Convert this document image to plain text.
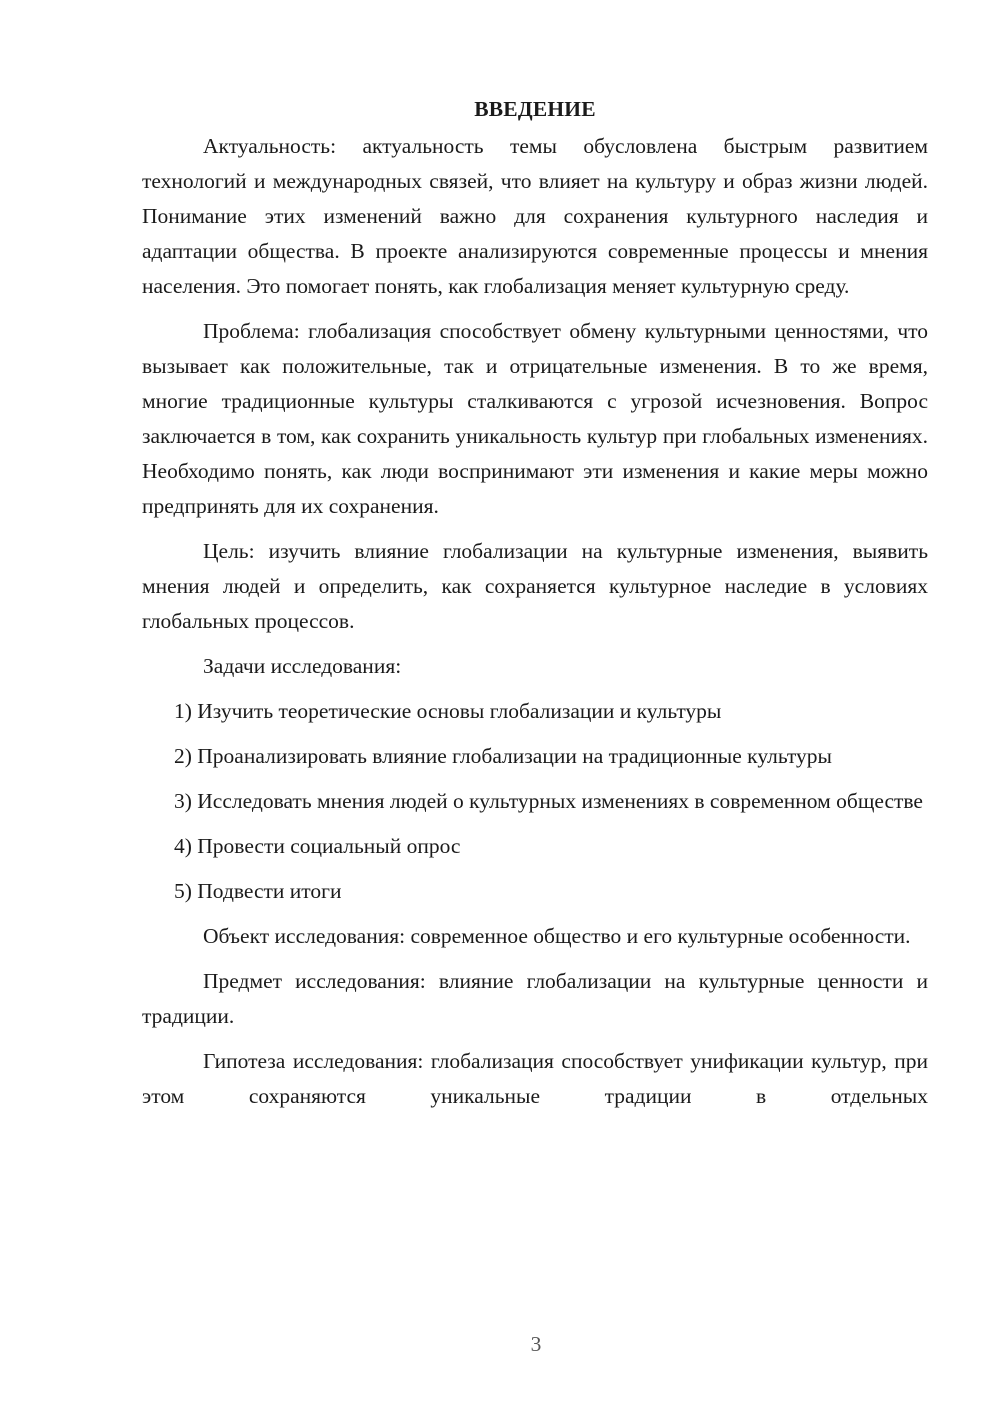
ВВЕДЕНИЕ

Актуальность: актуальность темы обусловлена быстрым развитием технологий и международных связей, что влияет на культуру и образ жизни людей. Понимание этих изменений важно для сохранения культурного наследия и адаптации общества. В проекте анализируются современные процессы и мнения населения. Это помогает понять, как глобализация меняет культурную среду.

Проблема: глобализация способствует обмену культурными ценностями, что вызывает как положительные, так и отрицательные изменения. В то же время, многие традиционные культуры сталкиваются с угрозой исчезновения. Вопрос заключается в том, как сохранить уникальность культур при глобальных изменениях. Необходимо понять, как люди воспринимают эти изменения и какие меры можно предпринять для их сохранения.

Цель: изучить влияние глобализации на культурные изменения, выявить мнения людей и определить, как сохраняется культурное наследие в условиях глобальных процессов.

Задачи исследования:

1) Изучить теоретические основы глобализации и культуры

2) Проанализировать влияние глобализации на традиционные культуры

3) Исследовать мнения людей о культурных изменениях в современном обществе

4) Провести социальный опрос

5) Подвести итоги

Объект исследования: современное общество и его культурные особенности.

Предмет исследования: влияние глобализации на культурные ценности и традиции.

Гипотеза исследования: глобализация способствует унификации культур, при этом сохраняются уникальные традиции в отдельных

3
